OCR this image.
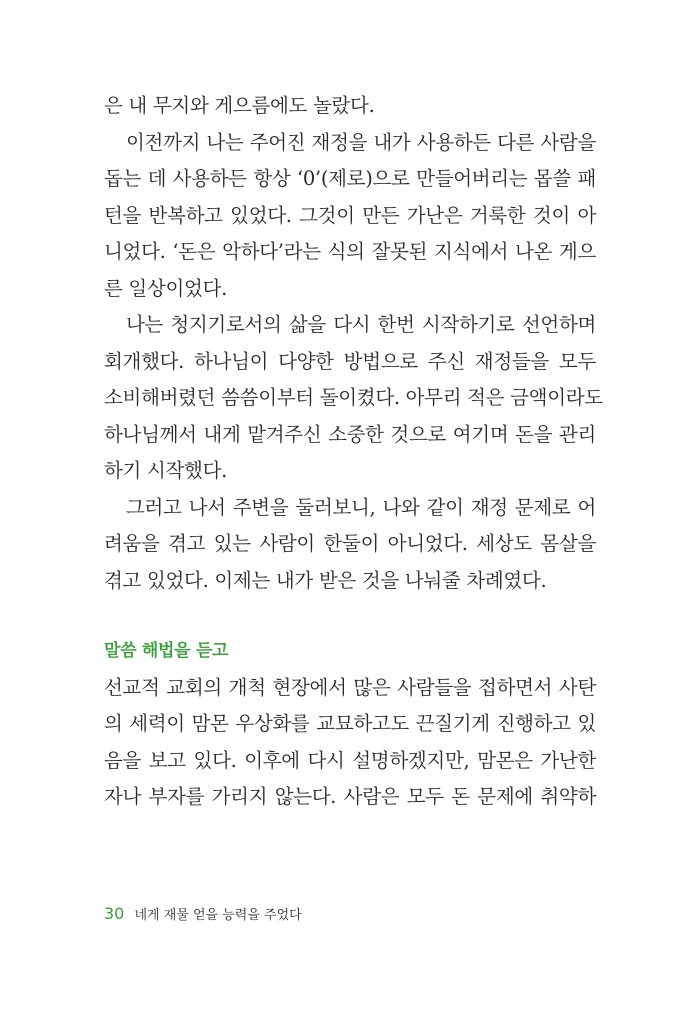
은 내 무지와 게으름에도 놀랐다.
이전까지 나는 주어진 재정을 내가 사용하든 다른 사람을
돕는 데 사용하든 항상 ‘0’(제로)으로 만들어버리는 몹쓸 패
턴을 반복하고 있었다. 그것이 만든 가난은 거룩한 것이 아
니었다. ‘돈은 악하다’라는 식의 잘못된 지식에서 나온 게으
른 일상이었다.
나는 청지기로서의 삶을 다시 한번 시작하기로 선언하며
회개했다. 하나님이 다양한 방법으로 주신 재정들을 모두
소비해버렸던 씀씀이부터 돌이켰다. 아무리 적은 금액이라도
하나님께서 내게 맡겨주신 소중한 것으로 여기며 돈을 관리
하기 시작했다.
그러고 나서 주변을 둘러보니, 나와 같이 재정 문제로 어
려움을 겪고 있는 사람이 한둘이 아니었다. 세상도 몸살을
겪고 있었다. 이제는 내가 받은 것을 나눠줄 차례였다.
말씀 해법을 듣고
선교적 교회의 개척 현장에서 많은 사람들을 접하면서 사탄
의 세력이 맘몬 우상화를 교묘하고도 끈질기게 진행하고 있
음을 보고 있다. 이후에 다시 설명하겠지만, 맘몬은 가난한
자나 부자를 가리지 않는다. 사람은 모두 돈 문제에 취약하
30 네게 재물 얻을 능력을 주었다
